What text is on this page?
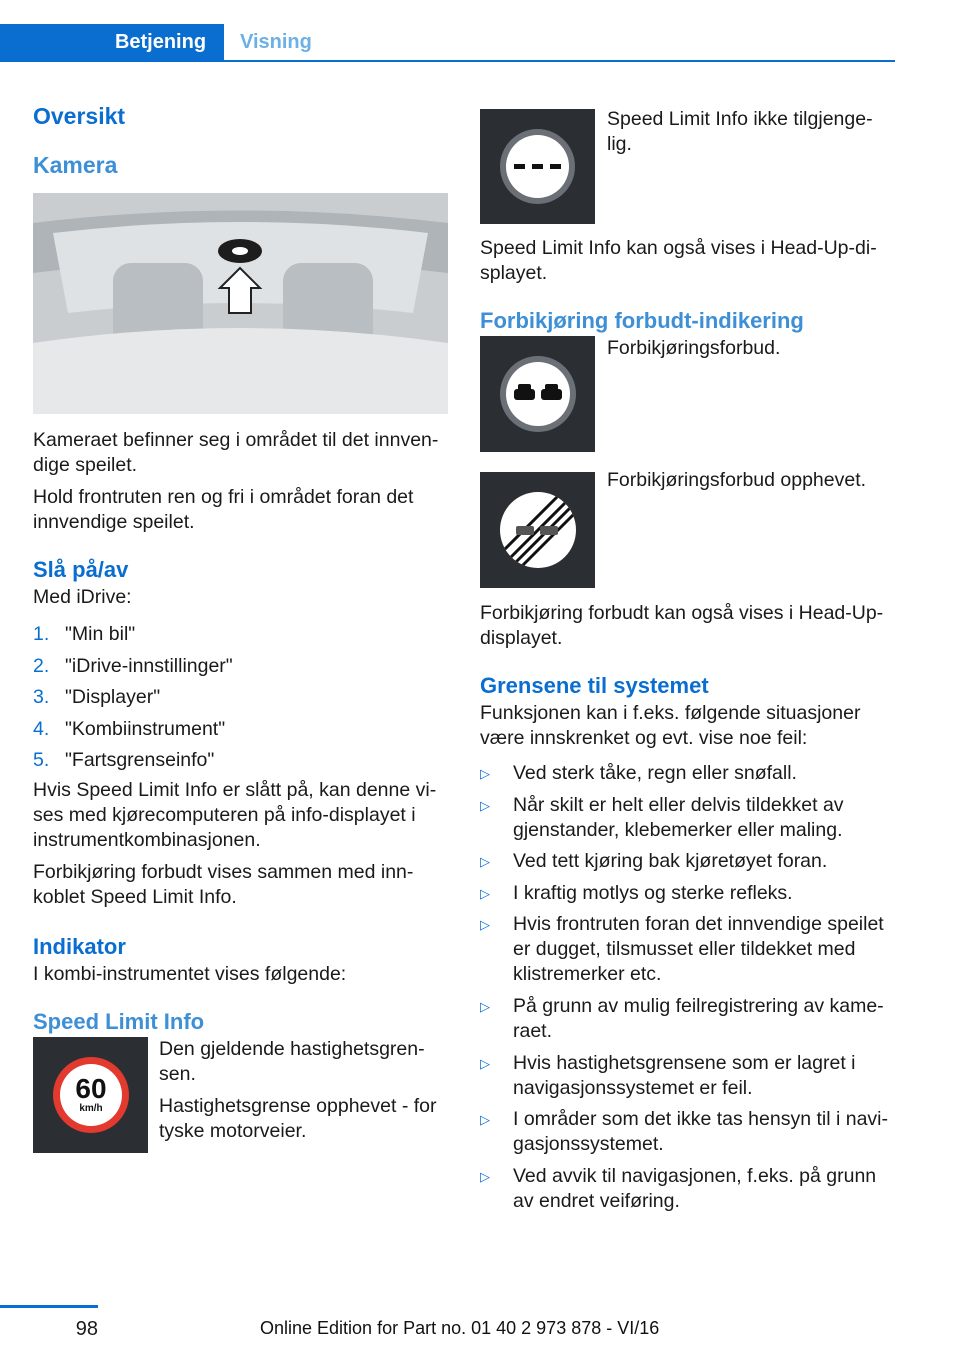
Betjening	Visning
Oversikt
Kamera

Kameraet befinner seg i området til det innven-dige speilet.

Hold frontruten ren og fri i området foran det innvendige speilet.

Slå på/av

Med iDrive:

1. "Min bil"
2. "iDrive-innstillinger"
3. "Displayer"
4. "Kombiinstrument"
5. "Fartsgrenseinfo"

Hvis Speed Limit Info er slått på, kan denne vi-ses med kjørecomputeren på info-displayet i instrumentkombinasjonen.

Forbikjøring forbudt vises sammen med inn-koblet Speed Limit Info.

Indikator

I kombi-instrumentet vises følgende:

Speed Limit Info
60
km/h

Den gjeldende hastighetsgren-sen.

Hastighetsgrense opphevet - for tyske motorveier.

Speed Limit Info ikke tilgjenge-lig.

Speed Limit Info kan også vises i Head-Up-di-splayet.

Forbikjøring forbudt-indikering

Forbikjøringsforbud.

Forbikjøringsforbud opphevet.

Forbikjøring forbudt kan også vises i Head-Up-displayet.

Grensene til systemet

Funksjonen kan i f.eks. følgende situasjoner være innskrenket og evt. vise noe feil:

▷	Ved sterk tåke, regn eller snøfall.
▷	Når skilt er helt eller delvis tildekket av gjenstander, klebemerker eller maling.
▷	Ved tett kjøring bak kjøretøyet foran.
▷	I kraftig motlys og sterke refleks.
▷	Hvis frontruten foran det innvendige speilet er dugget, tilsmusset eller tildekket med klistremerker etc.
▷	På grunn av mulig feilregistrering av kame-raet.
▷	Hvis hastighetsgrensene som er lagret i navigasjonssystemet er feil.
▷	I områder som det ikke tas hensyn til i navi-gasjonssystemet.
▷	Ved avvik til navigasjonen, f.eks. på grunn av endret veiføring.
98	Online Edition for Part no. 01 40 2 973 878 - VI/16
